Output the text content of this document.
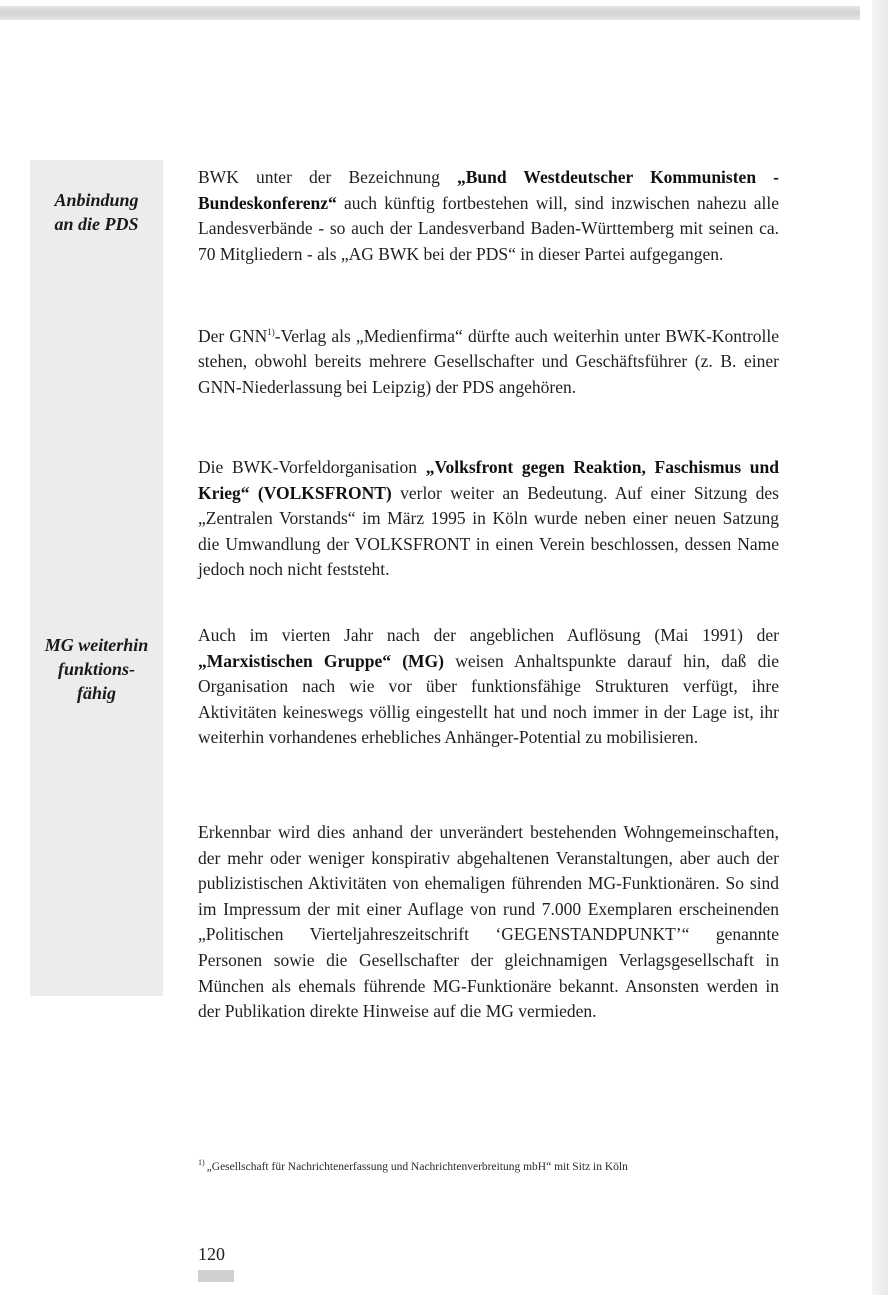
Anbindung
an die PDS
MG weiterhin
funktions-
fähig

BWK unter der Bezeichnung „Bund Westdeutscher Kommunisten - Bundeskonferenz“ auch künftig fortbestehen will, sind inzwischen nahezu alle Landesverbände - so auch der Landesverband Baden-Württemberg mit seinen ca. 70 Mitgliedern - als „AG BWK bei der PDS“ in dieser Partei aufgegangen.

Der GNN$^{1)}$-Verlag als „Medienfirma“ dürfte auch weiterhin unter BWK-Kontrolle stehen, obwohl bereits mehrere Gesellschafter und Geschäftsführer (z. B. einer GNN-Niederlassung bei Leipzig) der PDS angehören.

Die BWK-Vorfeldorganisation „Volksfront gegen Reaktion, Faschismus und Krieg“ (VOLKSFRONT) verlor weiter an Bedeutung. Auf einer Sitzung des „Zentralen Vorstands“ im März 1995 in Köln wurde neben einer neuen Satzung die Umwandlung der VOLKSFRONT in einen Verein beschlossen, dessen Name jedoch noch nicht feststeht.

Auch im vierten Jahr nach der angeblichen Auflösung (Mai 1991) der „Marxistischen Gruppe“ (MG) weisen Anhaltspunkte darauf hin, daß die Organisation nach wie vor über funktionsfähige Strukturen verfügt, ihre Aktivitäten keineswegs völlig eingestellt hat und noch immer in der Lage ist, ihr weiterhin vorhandenes erhebliches Anhänger-Potential zu mobilisieren.

Erkennbar wird dies anhand der unverändert bestehenden Wohngemeinschaften, der mehr oder weniger konspirativ abgehaltenen Veranstaltungen, aber auch der publizistischen Aktivitäten von ehemaligen führenden MG-Funktionären. So sind im Impressum der mit einer Auflage von rund 7.000 Exemplaren erscheinenden „Politischen Vierteljahreszeitschrift ‘GEGENSTANDPUNKT’“ genannte Personen sowie die Gesellschafter der gleichnamigen Verlagsgesellschaft in München als ehemals führende MG-Funktionäre bekannt. Ansonsten werden in der Publikation direkte Hinweise auf die MG vermieden.

$^{1)}$ „Gesellschaft für Nachrichtenerfassung und Nachrichtenverbreitung mbH“ mit Sitz in Köln
120
